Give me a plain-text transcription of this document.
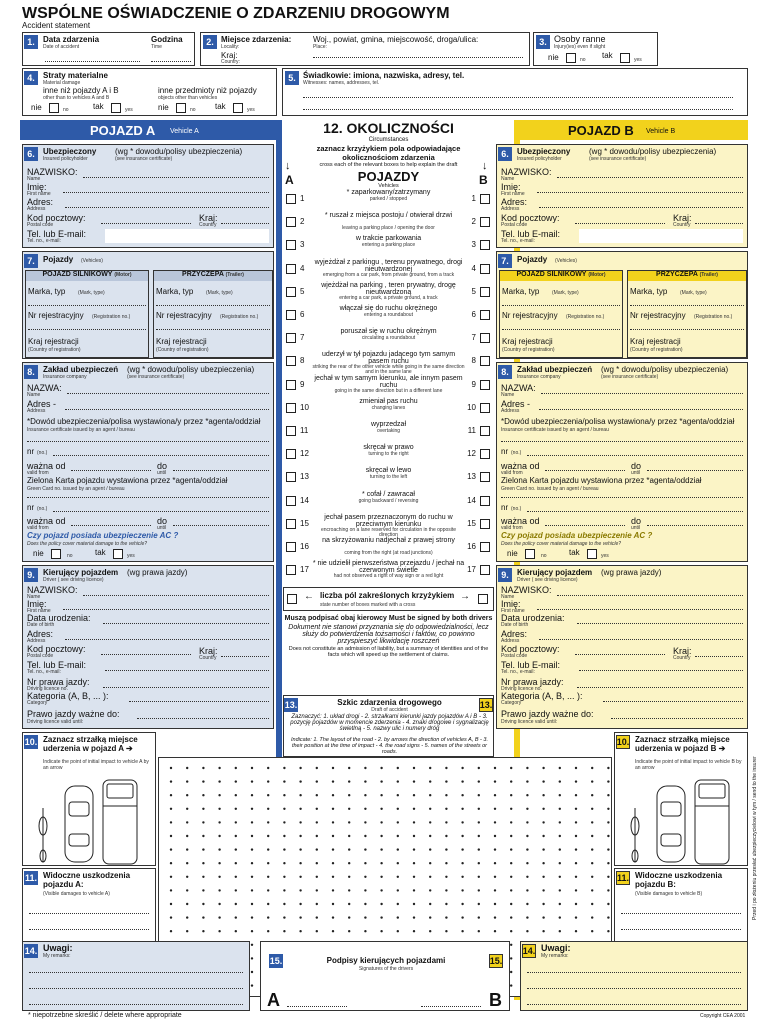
WSPÓLNE OŚWIADCZENIE O ZDARZENIU DROGOWYM
Accident statement
1.	Data zdarzenia
Date of accident
Godzina
Time	2. Miejsce zdarzenia:
Locality:
Woj., powiat, gmina, miejscowość, droga/ulica:
Place:
Kraj:
Country:
3. Osoby ranne
Injury(ies) even if slight
nie	no tak	yes
4.	Straty materialne
Material damage
inne niż pojazdy A i B
other than to vehicles A and B
inne przedmioty niż pojazdy
objects other than vehicles
nie	no	tak	yes	nie	no tak	yes
5. Świadkowie: imiona, nazwiska, adresy, tel.
Witnesses: names, addresses, tel.
POJAZD A Vehicle A	POJAZD B Vehicle B
6.	Ubezpieczony (wg * dowodu/polisy ubezpieczenia)
Insured policyholder	(see insurance certificate)
NAZWISKO:
Name
Imię:
First name
Adres:
Address
Kod pocztowy:
Postal code
Kraj:
Country
Tel. lub E-mail:
Tel. no., e-mail:
6.	Ubezpieczony (wg * dowodu/polisy ubezpieczenia)
Insured policyholder	(see insurance certificate)
NAZWISKO:
Name
Imię:
First name
Adres:
Address
Kod pocztowy:
Postal code
Kraj:
Country
Tel. lub E-mail:
Tel. no., e-mail:
7.	Pojazdy (Vehicles)
POJAZD SILNIKOWY (Motor)
Marka, typ	(Mark, type)
Nr rejestracyjny (Registration no.)
Kraj rejestracji
(Country of registration)
PRZYCZEPA (Trailer)
Marka, typ	(Mark, type)
Nr rejestracyjny (Registration no.)
Kraj rejestracji
(Country of registration)
7.	Pojazdy (Vehicles)
POJAZD SILNIKOWY (Motor)
Marka, typ	(Mark, type)
Nr rejestracyjny (Registration no.)
Kraj rejestracji
(Country of registration)
PRZYCZEPA (Trailer)
Marka, typ	(Mark, type)
Nr rejestracyjny (Registration no.)
Kraj rejestracji
(Country of registration)
8.	Zakład ubezpieczeń (wg * dowodu/polisy ubezpieczenia)
Insurance company	(see insurance certificate)
NAZWA:
Name
Adres -
Address
*Dowód ubezpieczenia/polisa wystawiona/y przez *agenta/oddział
Insurance certificate issued by an agent / bureau
nr (no.)
ważna od
valid from
do
until
Zielona Karta pojazdu wystawiona przez *agenta/oddział
Green Card no. issued by an agent / bureau
nr (no.)
ważna od
valid from
do
until
Czy pojazd posiada ubezpieczenie AC ?
Does the policy cover material damage to the vehicle?
nie	no	tak	yes
8.	Zakład ubezpieczeń (wg * dowodu/polisy ubezpieczenia)
Insurance company	(see insurance certificate)
NAZWA:
Name
Adres -
Address
*Dowód ubezpieczenia/polisa wystawiona/y przez *agenta/oddział
Insurance certificate issued by an agent / bureau
nr (no.)
ważna od
valid from
do
until
Zielona Karta pojazdu wystawiona przez *agenta/oddział
Green Card no. issued by an agent / bureau
nr (no.)
ważna od
valid from
do
until
Czy pojazd posiada ubezpieczenie AC ?
Does the policy cover material damage to the vehicle?
nie	no	tak	yes
9.	Kierujący pojazdem (wg prawa jazdy)
Driver ( see driving licence)
NAZWISKO:
Name
Imię:
First name
Data urodzenia:
Date of birth
Adres:
Address
Kod pocztowy:
Postal code	Kraj:
Country
Tel. lub E-mail:
Tel. no., e-mail:
Nr prawa jazdy:
Driving licence no.
Kategoria (A, B, ... ):
Category
Prawo jazdy ważne do:
Driving licence valid until:
9.	Kierujący pojazdem (wg prawa jazdy)
Driver ( see driving licence)
NAZWISKO:
Name
Imię:
First name
Data urodzenia:
Date of birth
Adres:
Address
Kod pocztowy:
Postal code	Kraj:
Country
Tel. lub E-mail:
Tel. no., e-mail:
Nr prawa jazdy:
Driving licence no.
Kategoria (A, B, ... ):
Category
Prawo jazdy ważne do:
Driving licence valid until:
12. OKOLICZNOŚCI
Circumstances
zaznacz krzyżykiem pola odpowiadające okolicznościom zdarzenia
cross each of the relevant boxes to help explain the draft
↓	↓
A	B
POJAZDY
Vehicles
1
* zaparkowany/zatrzymany
parked / stopped	1
2
* ruszał z miejsca postoju / otwierał drzwi
leaving a parking place / opening the door
2
3
w trakcie parkowania
entering a parking place	3
4
wyjeżdżał z parkingu , terenu prywatnego, drogi nieutwardzonej
emerging from a car park, from private ground, from a track
4
5
wjeżdżał na parking , teren prywatny, drogę nieutwardzoną
entering a car park, a private ground, a track
5
6
włączał się do ruchu okrężnego
entering a roundabout	6
7
poruszał się w ruchu okrężnym
circulating a roundabout	7
8
uderzył w tył pojazdu jadącego tym samym pasem ruchu
striking the rear of the other vehicle while going in the same direction and in the same lane
8
9
jechał w tym samym kierunku, ale innym pasem ruchu
going in the same direction but in a different lane
9
10
zmieniał pas ruchu
changing lanes	10
11
wyprzedzał
overtaking	11
12
skręcał w prawo
turning to the right	12
13
skręcał w lewo
turning to the left	13
14
* cofał / zawracał
going backward / reversing	14
15
jechał pasem przeznaczonym do ruchu w przeciwnym kierunku
encroaching on a lane reserved for circulation in the opposite direction
15
16
na skrzyżowaniu nadjechał z prawej strony
coming from the right (at road junctions)
16
17
* nie udzielił pierwszeństwa przejazdu / jechał na czerwonym świetle
had not observed a right of way sign or a red light
17
← liczba pól zakreślonych krzyżykiem →
state number of boxes marked with a cross
Muszą podpisać obaj kierowcy Must be signed by both drivers
Dokument nie stanowi przyznania się do odpowiedzialności, lecz służy do potwierdzenia tożsamości i faktów, co powinno przyspieszyć likwidację roszczeń
Does not constitute an admission of liability, but a summary of identities and of the facts which will speed up the settlement of claims.
13.	13.
Szkic zdarzenia drogowego
Draft of accident
Zaznaczyć: 1. układ drogi - 2. strzałkami kierunki jazdy pojazdów A i B - 3. pozycję pojazdów w momencie zderzenia - 4. znaki drogowe i sygnalizację świetlną - 5. nazwy ulic i numery dróg
Indicate: 1. The layout of the road - 2. by arrows the direction of vehicles A, B - 3. their position at the time of impact - 4. the road signs - 5. names of the streets or roads.
10. Zaznacz strzałką miejsce uderzenia w pojazd A ➔
Indicate the point of initial impact to vehicle A by an arrow
10. Zaznacz strzałką miejsce uderzenia w pojazd B ➔
Indicate the point of initial impact to vehicle B by an arrow
11. Widoczne uszkodzenia pojazdu A:
(Visible damages to vehicle A)
11. Widoczne uszkodzenia pojazdu B:
(Visible damages to vehicle B)
14. Uwagi:
My remarks:	14. Uwagi:
My remarks:
15.	15.
Podpisy kierujących pojazdami
Signatures of the drivers
A	B
* niepotrzebne skreślić / delete where appropriate	Copyright CEA 2001
Przed i po złożeniu przesłać ubezpieczycielowi w tym / send to the insurer
